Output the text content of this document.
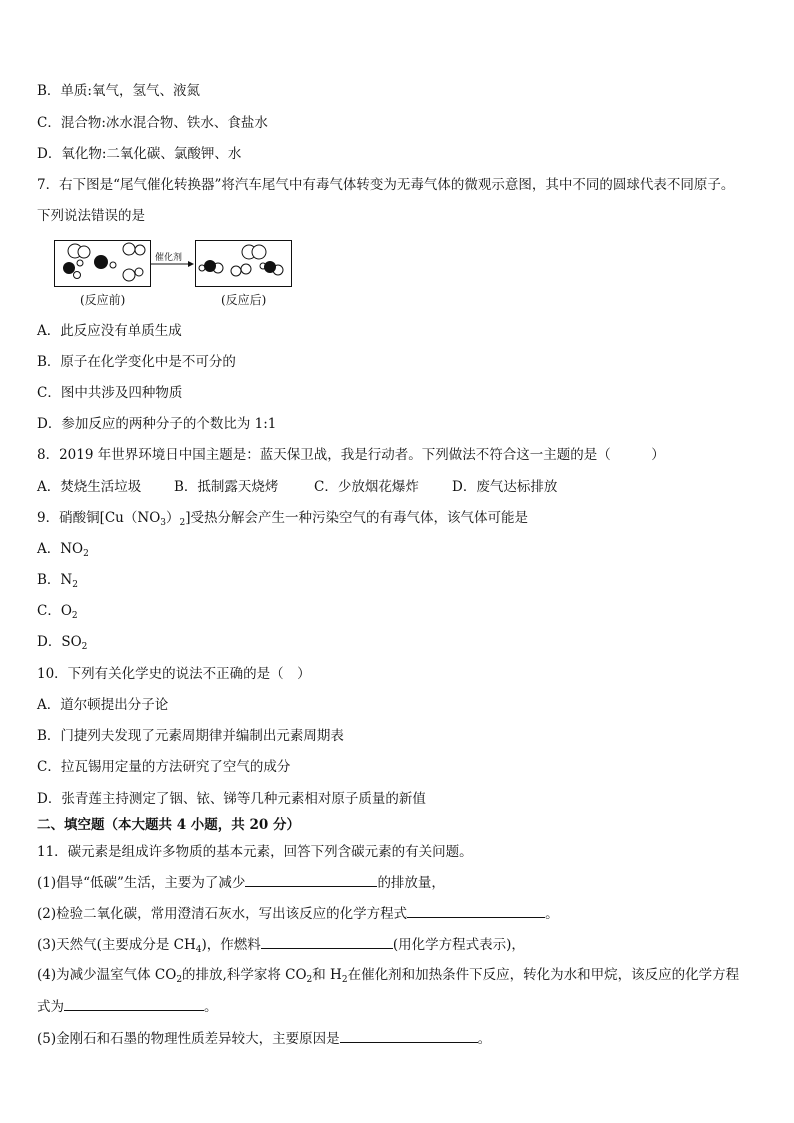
B．单质:氧气，氢气、液氮
C．混合物:冰水混合物、铁水、食盐水
D．氧化物:二氧化碳、氯酸钾、水
7．右下图是“尾气催化转换器”将汽车尾气中有毒气体转变为无毒气体的微观示意图，其中不同的圆球代表不同原子。
下列说法错误的是
催化剂
(反应前)	(反应后)
A．此反应没有单质生成
B．原子在化学变化中是不可分的
C．图中共涉及四种物质
D．参加反应的两种分子的个数比为 1:1
8．2019 年世界环境日中国主题是：蓝天保卫战，我是行动者。下列做法不符合这一主题的是（　　　）
A．焚烧生活垃圾 B．抵制露天烧烤	C．少放烟花爆炸 D．废气达标排放
9．硝酸铜$[Cu(NO_3)_2]$受热分解会产生一种污染空气的有毒气体，该气体可能是
A．$NO_2$
B．$N_2$
C．$O_2$
D．$SO_2$
10．下列有关化学史的说法不正确的是（　）
A．道尔顿提出分子论
B．门捷列夫发现了元素周期律并编制出元素周期表
C．拉瓦锡用定量的方法研究了空气的成分
D．张青莲主持测定了铟、铱、锑等几种元素相对原子质量的新值
二、填空题（本大题共 4 小题，共 20 分）
11．碳元素是组成许多物质的基本元素，回答下列含碳元素的有关问题。
(1)倡导“低碳”生活，主要为了减少	的排放量，
(2)检验二氧化碳，常用澄清石灰水，写出该反应的化学方程式	。
(3)天然气(主要成分是 $CH_4$)，作燃料	(用化学方程式表示)，
(4)为减少温室气体 $CO_2$的排放,科学家将 $CO_2$和 $H_2$在催化剂和加热条件下反应，转化为水和甲烷，该反应的化学方程
式为	。
(5)金刚石和石墨的物理性质差异较大，主要原因是	。
